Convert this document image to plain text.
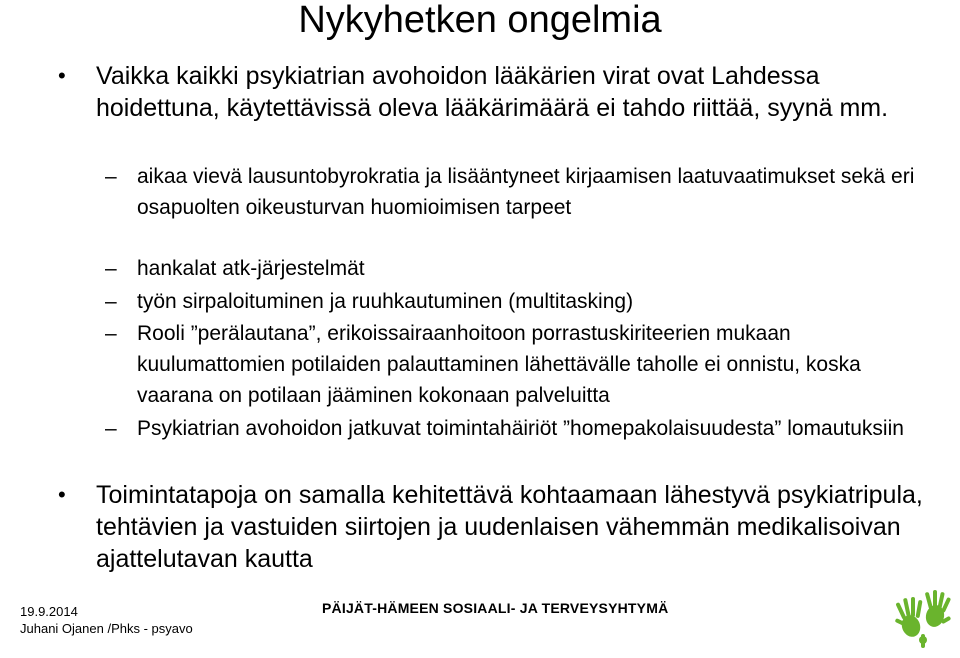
Nykyhetken ongelmia
• Vaikka kaikki psykiatrian avohoidon lääkärien virat ovat Lahdessa hoidettuna, käytettävissä oleva lääkärimäärä ei tahdo riittää, syynä mm.
– aikaa vievä lausuntobyrokratia ja lisääntyneet kirjaamisen laatuvaatimukset sekä eri osapuolten oikeusturvan huomioimisen tarpeet
– hankalat atk-järjestelmät
– työn sirpaloituminen ja ruuhkautuminen (multitasking)
– Rooli ”perälautana”, erikoissairaanhoitoon porrastuskiriteerien mukaan kuulumattomien potilaiden palauttaminen lähettävälle taholle ei onnistu, koska vaarana on potilaan jääminen kokonaan palveluitta
– Psykiatrian avohoidon jatkuvat toimintahäiriöt ”homepakolaisuudesta” lomautuksiin
• Toimintatapoja on samalla kehitettävä kohtaamaan lähestyvä psykiatripula, tehtävien ja vastuiden siirtojen ja uudenlaisen vähemmän medikalisoivan ajattelutavan kautta
19.9.2014
Juhani Ojanen /Phks - psyavo
PÄIJÄT-HÄMEEN SOSIAALI- JA TERVEYSYHTYMÄ
